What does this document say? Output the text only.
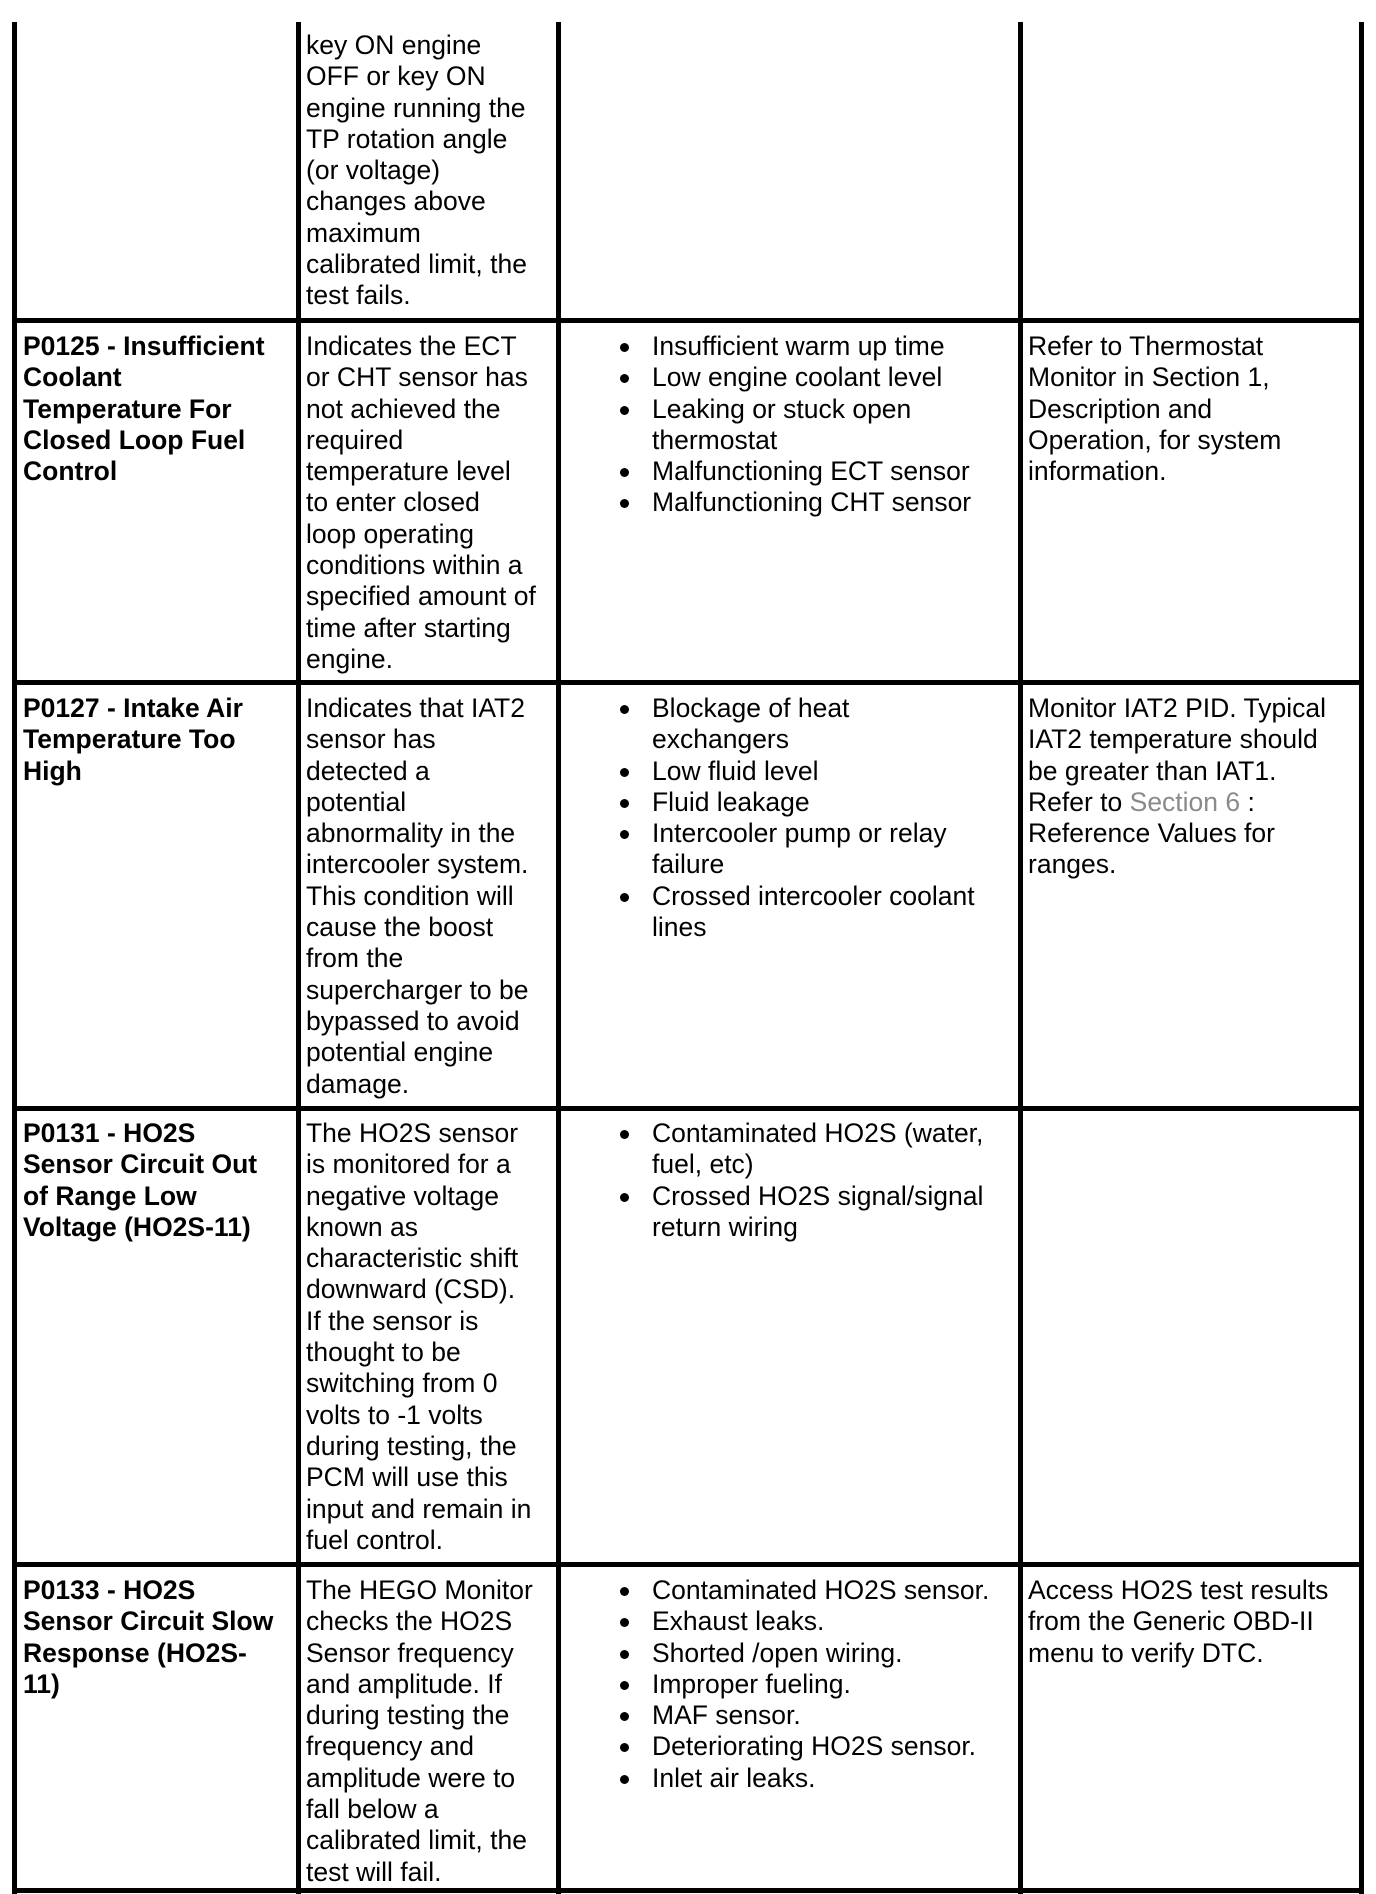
key ON engine
OFF or key ON
engine running the
TP rotation angle
(or voltage)
changes above
maximum
calibrated limit, the
test fails.
P0125 - Insufficient
Coolant
Temperature For
Closed Loop Fuel
Control
Indicates the ECT
or CHT sensor has
not achieved the
required
temperature level
to enter closed
loop operating
conditions within a
specified amount of
time after starting
engine.
Insufficient warm up time
Low engine coolant level
Leaking or stuck open
thermostat
Malfunctioning ECT sensor
Malfunctioning CHT sensor
Refer to Thermostat
Monitor in Section 1,
Description and
Operation, for system
information.
P0127 - Intake Air
Temperature Too
High
Indicates that IAT2
sensor has
detected a
potential
abnormality in the
intercooler system.
This condition will
cause the boost
from the
supercharger to be
bypassed to avoid
potential engine
damage.
Blockage of heat
exchangers
Low fluid level
Fluid leakage
Intercooler pump or relay
failure
Crossed intercooler coolant
lines
Monitor IAT2 PID. Typical
IAT2 temperature should
be greater than IAT1.
Refer to Section 6 :
Reference Values for
ranges.
P0131 - HO2S
Sensor Circuit Out
of Range Low
Voltage (HO2S-11)
The HO2S sensor
is monitored for a
negative voltage
known as
characteristic shift
downward (CSD).
If the sensor is
thought to be
switching from 0
volts to -1 volts
during testing, the
PCM will use this
input and remain in
fuel control.
Contaminated HO2S (water,
fuel, etc)
Crossed HO2S signal/signal
return wiring
P0133 - HO2S
Sensor Circuit Slow
Response (HO2S-
11)
The HEGO Monitor
checks the HO2S
Sensor frequency
and amplitude. If
during testing the
frequency and
amplitude were to
fall below a
calibrated limit, the
test will fail.
Contaminated HO2S sensor.
Exhaust leaks.
Shorted /open wiring.
Improper fueling.
MAF sensor.
Deteriorating HO2S sensor.
Inlet air leaks.
Access HO2S test results
from the Generic OBD-II
menu to verify DTC.
